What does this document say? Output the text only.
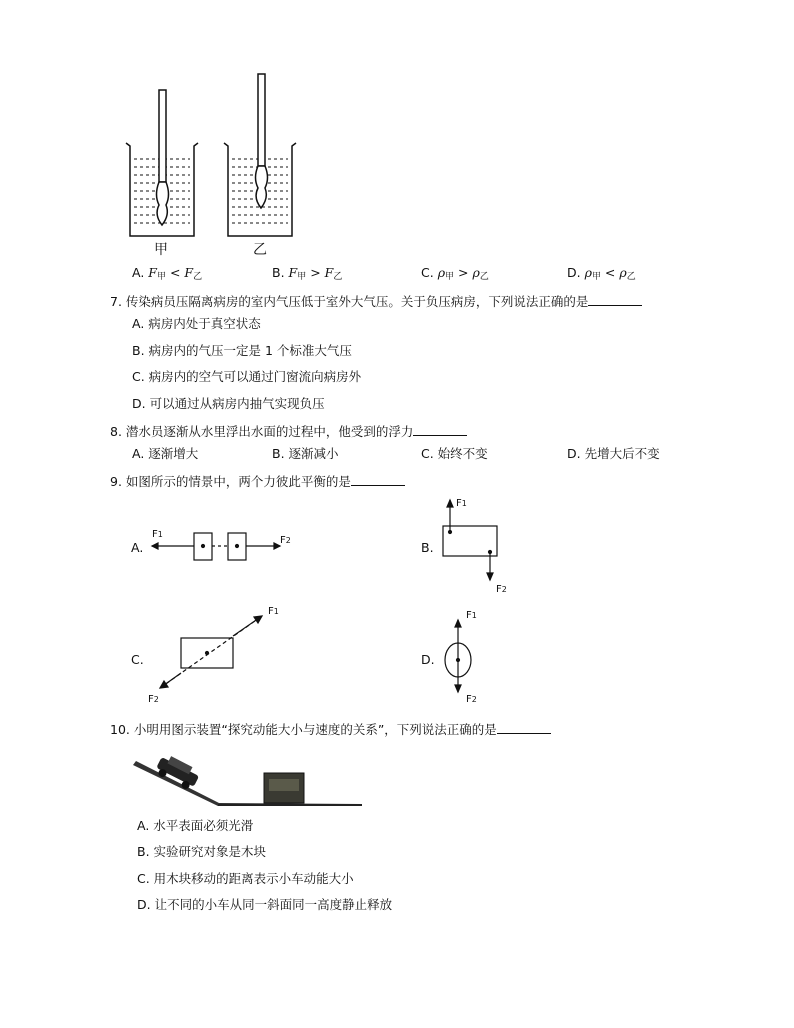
甲	乙
A. $F_甲 < F_乙$	B. $F_甲 > F_乙$	C. $\rho_甲 > \rho_乙$	D. $\rho_甲 < \rho_乙$
7. 传染病员压隔离病房的室内气压低于室外大气压。关于负压病房，下列说法正确的是
A. 病房内处于真空状态
B. 病房内的气压一定是 1 个标准大气压
C. 病房内的空气可以通过门窗流向病房外
D. 可以通过从病房内抽气实现负压
8. 潜水员逐渐从水里浮出水面的过程中，他受到的浮力
A. 逐渐增大	B. 逐渐减小	C. 始终不变	D. 先增大后不变
9. 如图所示的情景中，两个力彼此平衡的是
A.	B.
C.	D.
F1
F2
F1
F2
F1
F2
F1
F2
10. 小明用图示装置“探究动能大小与速度的关系”，下列说法正确的是
A. 水平表面必须光滑
B. 实验研究对象是木块
C. 用木块移动的距离表示小车动能大小
D. 让不同的小车从同一斜面同一高度静止释放
